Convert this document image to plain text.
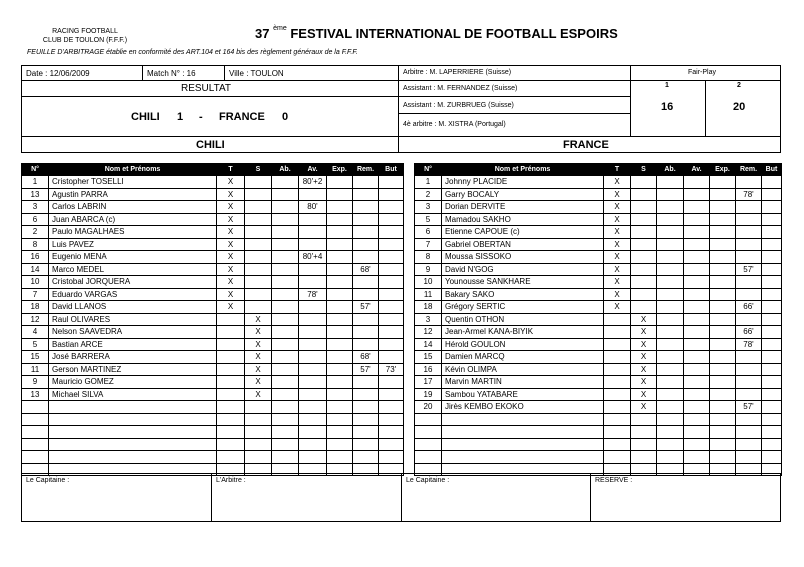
RACING FOOTBALL
CLUB DE TOULON (F.F.F.)	37 $^{ème}$ FESTIVAL INTERNATIONAL DE FOOTBALL ESPOIRS
FEUILLE D'ARBITRAGE établie en conformité des ART.104 et 164 bis des règlement généraux de la F.F.F.
Date : 12/06/2009	Match N° : 16	Ville : TOULON
RESULTAT
CHILI 1 - FRANCE 0
CHILI
Arbitre : M. LAPERRIERE (Suisse)
Assistant : M. FERNANDEZ (Suisse)
Assistant : M. ZURBRUEG (Suisse)
4è arbitre : M. XISTRA (Portugal)
Fair-Play
1	2
16	20
FRANCE
N°	Nom et Prénoms	T	S	Ab.	Av.	Exp.	Rem.	But
1	Cristopher TOSELLI	X			80'+2			
13	Agustin PARRA	X						
3	Carlos LABRIN	X			80'			
6	Juan ABARCA (c)	X						
2	Paulo MAGALHAES	X						
8	Luis PAVEZ	X						
16	Eugenio MENA	X			80'+4			
14	Marco MEDEL	X					68'	
10	Cristobal JORQUERA	X						
7	Eduardo VARGAS	X			78'			
18	David LLANOS	X					57'	
12	Raul OLIVARES		X					
4	Nelson SAAVEDRA		X					
5	Bastian ARCE		X					
15	José BARRERA		X				68'	
11	Gerson MARTINEZ		X				57'	73'
9	Mauricio GOMEZ		X					
13	Michael SILVA		X					

N°	Nom et Prénoms	T	S	Ab.	Av.	Exp.	Rem.	But
1	Johnny PLACIDE	X						
2	Garry BOCALY	X					78'	
3	Dorian DERVITE	X						
5	Mamadou SAKHO	X						
6	Etienne CAPOUE (c)	X						
7	Gabriel OBERTAN	X						
8	Moussa SISSOKO	X						
9	David N'GOG	X					57'	
10	Younousse SANKHARE	X						
11	Bakary SAKO	X						
18	Grégory SERTIC	X					66'	
3	Quentin OTHON		X					
12	Jean-Armel KANA-BIYIK		X				66'	
14	Hérold GOULON		X				78'	
15	Damien MARCQ		X					
16	Kévin OLIMPA		X					
17	Marvin MARTIN		X					
19	Sambou YATABARE		X					
20	Jirès KEMBO EKOKO		X				57'	

Le Capitaine :	L'Arbitre :	Le Capitaine :	RESERVE :
